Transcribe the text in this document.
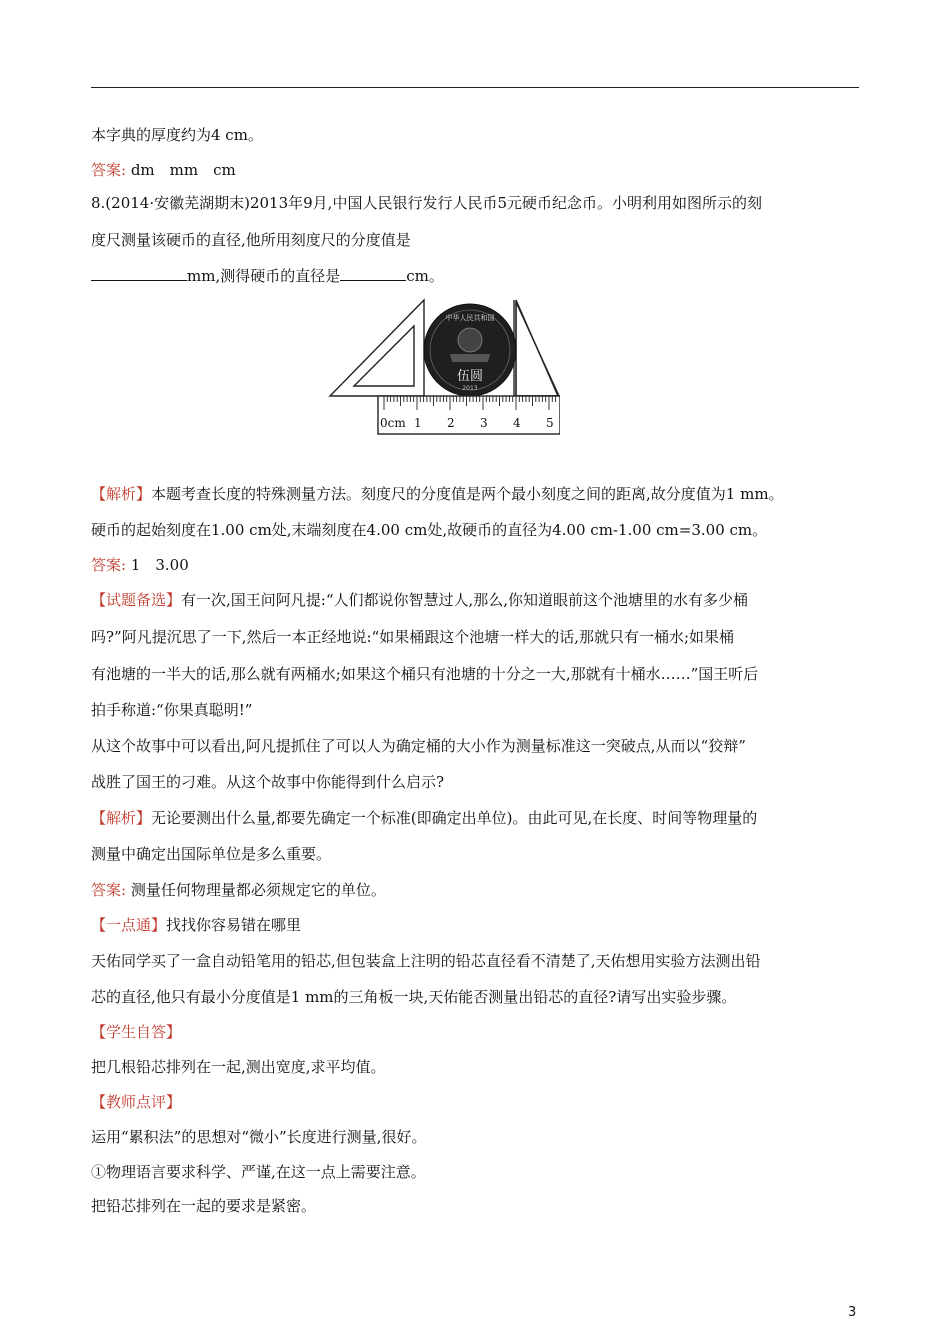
本字典的厚度约为4 cm。
答案: dm　mm　cm
8.(2014·安徽芜湖期末)2013年9月,中国人民银行发行人民币5元硬币纪念币。小明利用如图所示的刻
度尺测量该硬币的直径,他所用刻度尺的分度值是
mm,测得硬币的直径是	cm。
中华人民共和国
伍圆
2013
0cm 1 2 3 4 5
【解析】本题考查长度的特殊测量方法。刻度尺的分度值是两个最小刻度之间的距离,故分度值为1 mm。
硬币的起始刻度在1.00 cm处,末端刻度在4.00 cm处,故硬币的直径为4.00 cm-1.00 cm=3.00 cm。
答案: 1　3.00
【试题备选】有一次,国王问阿凡提:“人们都说你智慧过人,那么,你知道眼前这个池塘里的水有多少桶
吗?”阿凡提沉思了一下,然后一本正经地说:“如果桶跟这个池塘一样大的话,那就只有一桶水;如果桶
有池塘的一半大的话,那么就有两桶水;如果这个桶只有池塘的十分之一大,那就有十桶水……”国王听后
拍手称道:“你果真聪明!”
从这个故事中可以看出,阿凡提抓住了可以人为确定桶的大小作为测量标准这一突破点,从而以“狡辩”
战胜了国王的刁难。从这个故事中你能得到什么启示?
【解析】无论要测出什么量,都要先确定一个标准(即确定出单位)。由此可见,在长度、时间等物理量的
测量中确定出国际单位是多么重要。
答案: 测量任何物理量都必须规定它的单位。
【一点通】找找你容易错在哪里
天佑同学买了一盒自动铅笔用的铅芯,但包装盒上注明的铅芯直径看不清楚了,天佑想用实验方法测出铅
芯的直径,他只有最小分度值是1 mm的三角板一块,天佑能否测量出铅芯的直径?请写出实验步骤。
【学生自答】
把几根铅芯排列在一起,测出宽度,求平均值。
【教师点评】
运用“累积法”的思想对“微小”长度进行测量,很好。
①物理语言要求科学、严谨,在这一点上需要注意。
把铅芯排列在一起的要求是紧密。
3
